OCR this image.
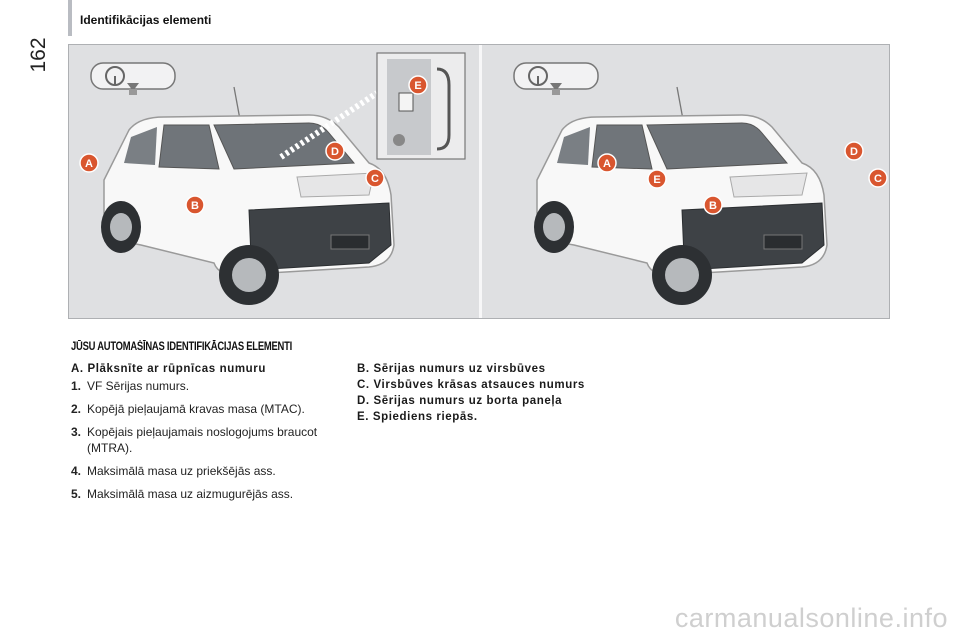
162
Identifikācijas elementi
A
B
C
D
E
A
E
B
D
C
JŪSU AUTOMAŠĪNAS IDENTIFIKĀCIJAS ELEMENTI
A. Plāksnīte ar rūpnīcas numuru
1. VF Sērijas numurs.
2. Kopējā pieļaujamā kravas masa (MTAC).
3. Kopējais pieļaujamais noslogojums braucot (MTRA).
4. Maksimālā masa uz priekšējās ass.
5. Maksimālā masa uz aizmugurējās ass.
B. Sērijas numurs uz virsbūves
C. Virsbūves krāsas atsauces numurs
D. Sērijas numurs uz borta paneļa
E. Spiediens riepās.
carmanualsonline.info
